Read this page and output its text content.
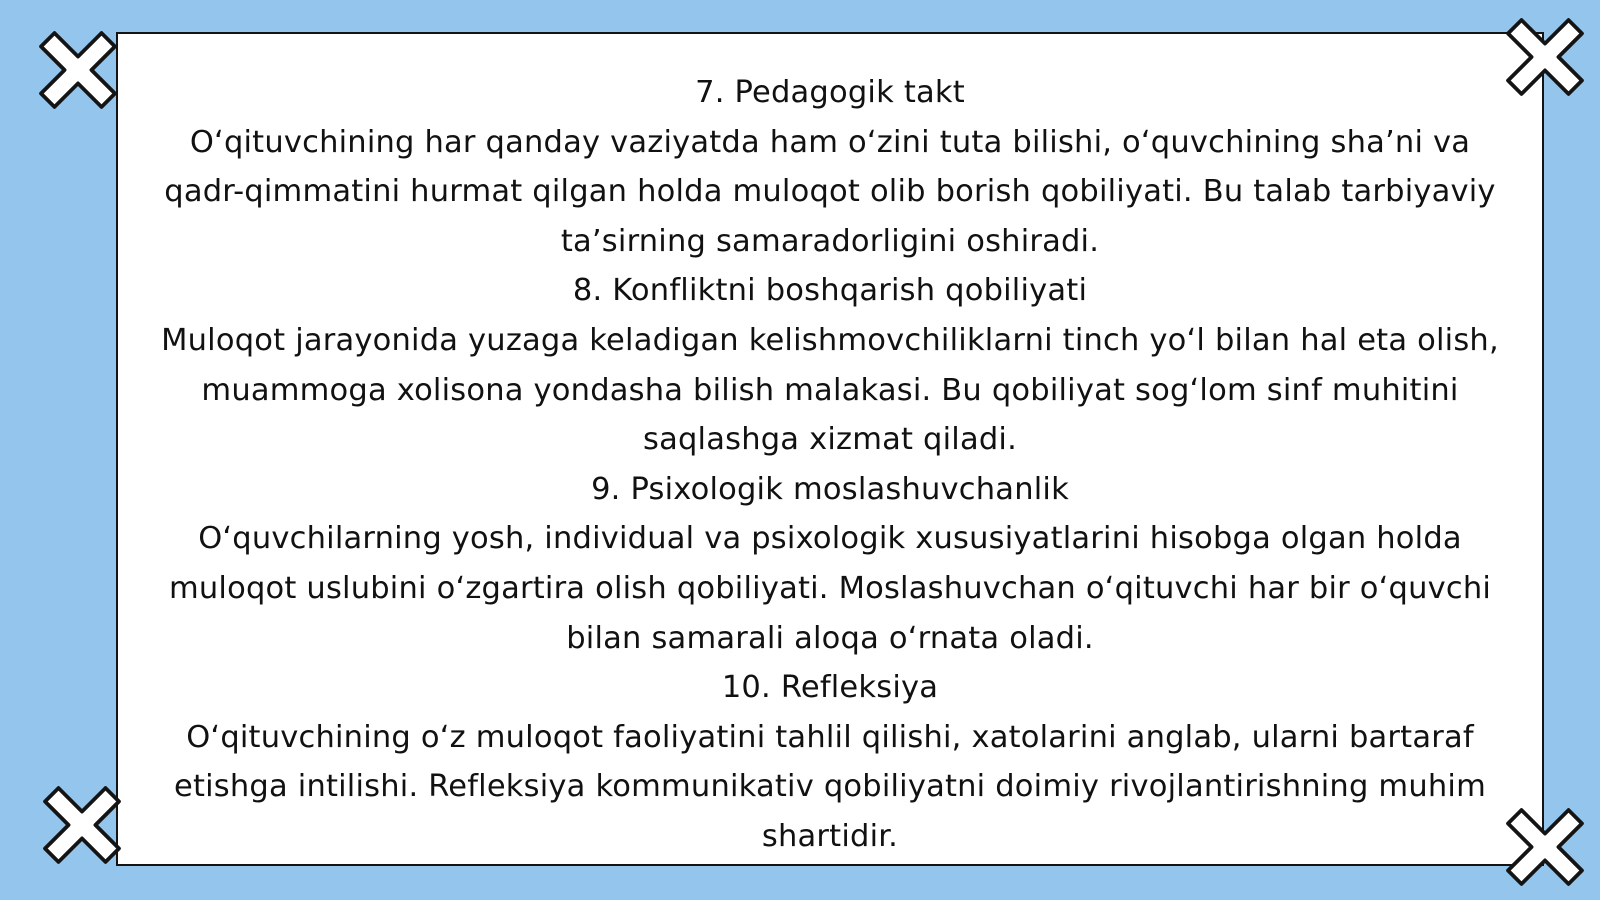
7. Pedagogik takt

O‘qituvchining har qanday vaziyatda ham o‘zini tuta bilishi, o‘quvchining sha’ni va qadr-qimmatini hurmat qilgan holda muloqot olib borish qobiliyati. Bu talab tarbiyaviy ta’sirning samaradorligini oshiradi.

8. Konfliktni boshqarish qobiliyati

Muloqot jarayonida yuzaga keladigan kelishmovchiliklarni tinch yo‘l bilan hal eta olish, muammoga xolisona yondasha bilish malakasi. Bu qobiliyat sog‘lom sinf muhitini saqlashga xizmat qiladi.

9. Psixologik moslashuvchanlik

O‘quvchilarning yosh, individual va psixologik xususiyatlarini hisobga olgan holda muloqot uslubini o‘zgartira olish qobiliyati. Moslashuvchan o‘qituvchi har bir o‘quvchi bilan samarali aloqa o‘rnata oladi.

10. Refleksiya

O‘qituvchining o‘z muloqot faoliyatini tahlil qilishi, xatolarini anglab, ularni bartaraf etishga intilishi. Refleksiya kommunikativ qobiliyatni doimiy rivojlantirishning muhim shartidir.
